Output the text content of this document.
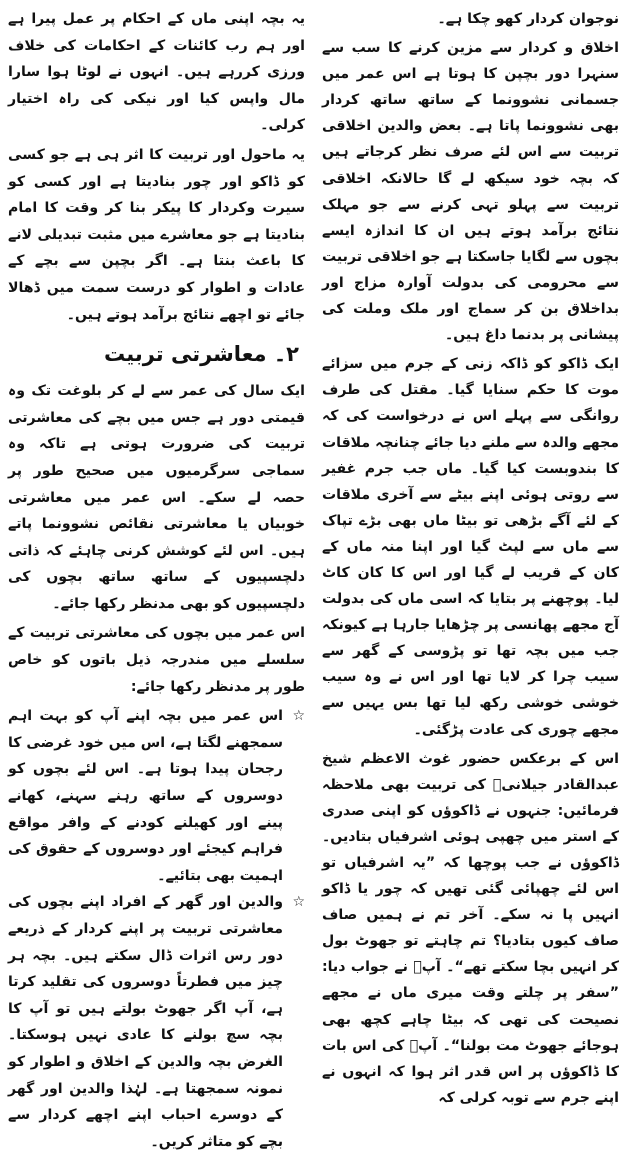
نوجوان کردار کھو چکا ہے۔

اخلاق و کردار سے مزین کرنے کا سب سے سنہرا دور بچپن کا ہوتا ہے اس عمر میں جسمانی نشوونما کے ساتھ ساتھ کردار بھی نشوونما پاتا ہے۔ بعض والدین اخلاقی تربیت سے اس لئے صرف نظر کرجاتے ہیں کہ بچہ خود سیکھ لے گا حالانکہ اخلاقی تربیت سے پہلو تہی کرنے سے جو مہلک نتائج برآمد ہوتے ہیں ان کا اندازہ ایسے بچوں سے لگایا جاسکتا ہے جو اخلاقی تربیت سے محرومی کی بدولت آوارہ مزاج اور بداخلاق بن کر سماج اور ملک وملت کی پیشانی پر بدنما داغ ہیں۔

ایک ڈاکو کو ڈاکہ زنی کے جرم میں سزائے موت کا حکم سنایا گیا۔ مقتل کی طرف روانگی سے پہلے اس نے درخواست کی کہ مجھے والدہ سے ملنے دیا جائے چنانچہ ملاقات کا بندوبست کیا گیا۔ ماں جب جرم غفیر سے روتی ہوئی اپنے بیٹے سے آخری ملاقات کے لئے آگے بڑھی تو بیٹا ماں بھی بڑے تپاک سے ماں سے لپٹ گیا اور اپنا منہ ماں کے کان کے قریب لے گیا اور اس کا کان کاٹ لیا۔ پوچھنے پر بتایا کہ اسی ماں کی بدولت آج مجھے پھانسی پر چڑھایا جارہا ہے کیونکہ جب میں بچہ تھا تو پڑوسی کے گھر سے سیب چرا کر لایا تھا اور اس نے وہ سیب خوشی خوشی رکھ لیا تھا بس یہیں سے مجھے چوری کی عادت پڑگئی۔

اس کے برعکس حضور غوث الاعظم شیخ عبدالقادر جیلانیؒ کی تربیت بھی ملاحظہ فرمائیں: جنہوں نے ڈاکوؤں کو اپنی صدری کے استر میں چھپی ہوئی اشرفیاں بتادیں۔ ڈاکوؤں نے جب پوچھا کہ ”یہ اشرفیاں تو اس لئے چھپائی گئی تھیں کہ چور یا ڈاکو انہیں پا نہ سکے۔ آخر تم نے ہمیں صاف صاف کیوں بتادیا؟ تم چاہتے تو جھوٹ بول کر انہیں بچا سکتے تھے“۔ آپؒ نے جواب دیا: ”سفر پر چلتے وقت میری ماں نے مجھے نصیحت کی تھی کہ بیٹا چاہے کچھ بھی ہوجائے جھوٹ مت بولنا“۔ آپؒ کی اس بات کا ڈاکوؤں پر اس قدر اثر ہوا کہ انہوں نے اپنے جرم سے توبہ کرلی کہ

یہ بچہ اپنی ماں کے احکام پر عمل پیرا ہے اور ہم رب کائنات کے احکامات کی خلاف ورزی کررہے ہیں۔ انہوں نے لوٹا ہوا سارا مال واپس کیا اور نیکی کی راہ اختیار کرلی۔

یہ ماحول اور تربیت کا اثر ہی ہے جو کسی کو ڈاکو اور چور بنادیتا ہے اور کسی کو سیرت وکردار کا پیکر بنا کر وقت کا امام بنادیتا ہے جو معاشرے میں مثبت تبدیلی لانے کا باعث بنتا ہے۔ اگر بچپن سے بچے کے عادات و اطوار کو درست سمت میں ڈھالا جائے تو اچھے نتائج برآمد ہوتے ہیں۔

۲۔ معاشرتی تربیت

ایک سال کی عمر سے لے کر بلوغت تک وہ قیمتی دور ہے جس میں بچے کی معاشرتی تربیت کی ضرورت ہوتی ہے تاکہ وہ سماجی سرگرمیوں میں صحیح طور پر حصہ لے سکے۔ اس عمر میں معاشرتی خوبیاں یا معاشرتی نقائص نشوونما پاتے ہیں۔ اس لئے کوشش کرنی چاہئے کہ ذاتی دلچسپیوں کے ساتھ ساتھ بچوں کی دلچسپیوں کو بھی مدنظر رکھا جائے۔

اس عمر میں بچوں کی معاشرتی تربیت کے سلسلے میں مندرجہ ذیل باتوں کو خاص طور پر مدنظر رکھا جائے:

☆

اس عمر میں بچہ اپنے آپ کو بہت اہم سمجھنے لگتا ہے، اس میں خود غرضی کا رجحان پیدا ہوتا ہے۔ اس لئے بچوں کو دوسروں کے ساتھ رہنے سہنے، کھانے پینے اور کھیلنے کودنے کے وافر مواقع فراہم کیجئے اور دوسروں کے حقوق کی اہمیت بھی بتائیے۔

☆

والدین اور گھر کے افراد اپنے بچوں کی معاشرتی تربیت پر اپنے کردار کے ذریعے دور رس اثرات ڈال سکتے ہیں۔ بچہ ہر چیز میں فطرتاً دوسروں کی تقلید کرتا ہے، آپ اگر جھوٹ بولتے ہیں تو آپ کا بچہ سچ بولنے کا عادی نہیں ہوسکتا۔ الغرض بچہ والدین کے اخلاق و اطوار کو نمونہ سمجھتا ہے۔ لہٰذا والدین اور گھر کے دوسرے احباب اپنے اچھے کردار سے بچے کو متاثر کریں۔
